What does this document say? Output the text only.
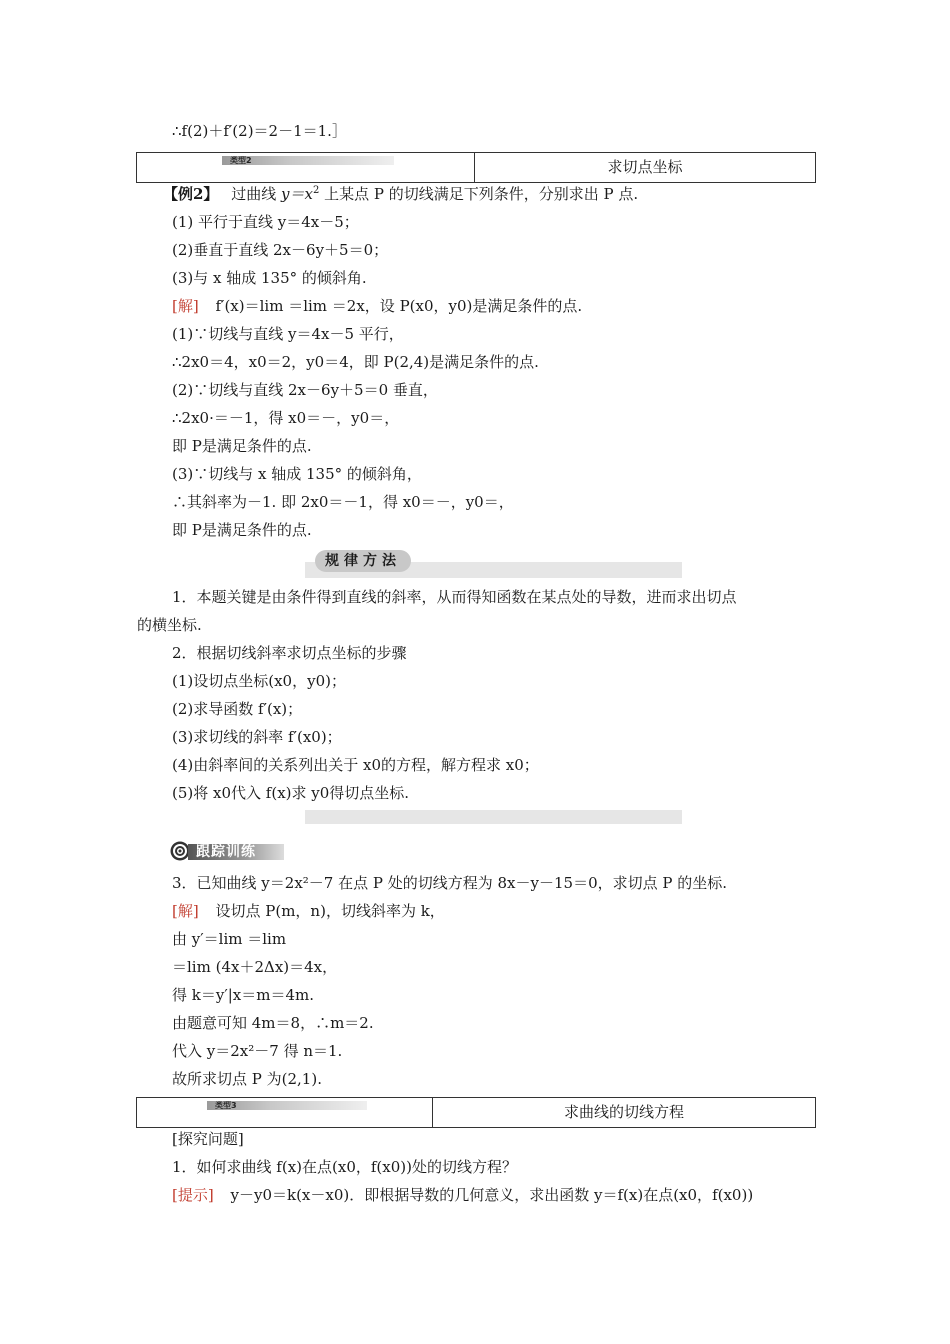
∴f(2)＋f′(2)＝2－1＝1.］
类型2	求切点坐标
【例2】 过曲线 $y=x^2$ 上某点 P 的切线满足下列条件，分别求出 P 点.
(1) 平行于直线 y＝4x－5；
(2)垂直于直线 2x－6y＋5＝0；
(3)与 x 轴成 135° 的倾斜角.
[解] f′(x)＝lim ＝lim ＝2x，设 P(x0，y0)是满足条件的点.
(1)∵切线与直线 y＝4x－5 平行，
∴2x0＝4，x0＝2，y0＝4，即 P(2,4)是满足条件的点.
(2)∵切线与直线 2x－6y＋5＝0 垂直，
∴2x0·＝－1，得 x0＝－，y0＝，
即 P是满足条件的点.
(3)∵切线与 x 轴成 135° 的倾斜角，
∴其斜率为－1. 即 2x0＝－1，得 x0＝－，y0＝，
即 P是满足条件的点.
规律方法
1．本题关键是由条件得到直线的斜率，从而得知函数在某点处的导数，进而求出切点
的横坐标.
2．根据切线斜率求切点坐标的步骤
(1)设切点坐标(x0，y0)；
(2)求导函数 f′(x)；
(3)求切线的斜率 f′(x0)；
(4)由斜率间的关系列出关于 x0的方程，解方程求 x0；
(5)将 x0代入 f(x)求 y0得切点坐标.
跟踪训练
3．已知曲线 y＝2x²－7 在点 P 处的切线方程为 8x－y－15＝0，求切点 P 的坐标.
[解] 设切点 P(m，n)，切线斜率为 k，
由 y′＝lim ＝lim
＝lim (4x＋2Δx)＝4x，
得 k＝y′|x＝m＝4m.
由题意可知 4m＝8，∴m＝2.
代入 y＝2x²－7 得 n＝1.
故所求切点 P 为(2,1).
类型3	求曲线的切线方程
[探究问题]
1．如何求曲线 f(x)在点(x0，f(x0))处的切线方程？
[提示] y－y0＝k(x－x0)．即根据导数的几何意义，求出函数 y＝f(x)在点(x0，f(x0))
